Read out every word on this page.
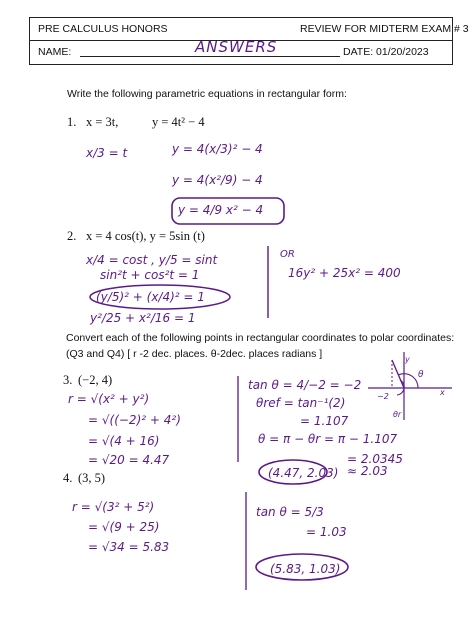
PRE CALCULUS HONORS	REVIEW FOR MIDTERM EXAM # 3
NAME:	ANSWERS	DATE: 01/20/2023
Write the following parametric equations in rectangular form:
1. x = 3t,	y = 4t² − 4
x/3 = t	y = 4(x/3)² − 4
y = 4(x²/9) − 4
y = 4/9 x² − 4
2. x = 4 cos(t), y = 5sin (t)
x/4 = cost , y/5 = sint
sin²t + cos²t = 1
(y/5)² + (x/4)² = 1
y²/25 + x²/16 = 1
OR
16y² + 25x² = 400
Convert each of the following points in rectangular coordinates to polar coordinates:
(Q3 and Q4) [ r -2 dec. places. θ-2dec. places radians ]
3. (−2, 4)
r = √(x² + y²)
= √((−2)² + 4²)
= √(4 + 16)
= √20 = 4.47
tan θ = 4/−2 = −2
θref = tan⁻¹(2)
= 1.107
θ = π − θr = π − 1.107
= 2.0345
≈ 2.03
(4.47, 2.03)
y
x
θ
−2
θr
4. (3, 5)
r = √(3² + 5²)
= √(9 + 25)
= √34 = 5.83
tan θ = 5/3
= 1.03
(5.83, 1.03)
